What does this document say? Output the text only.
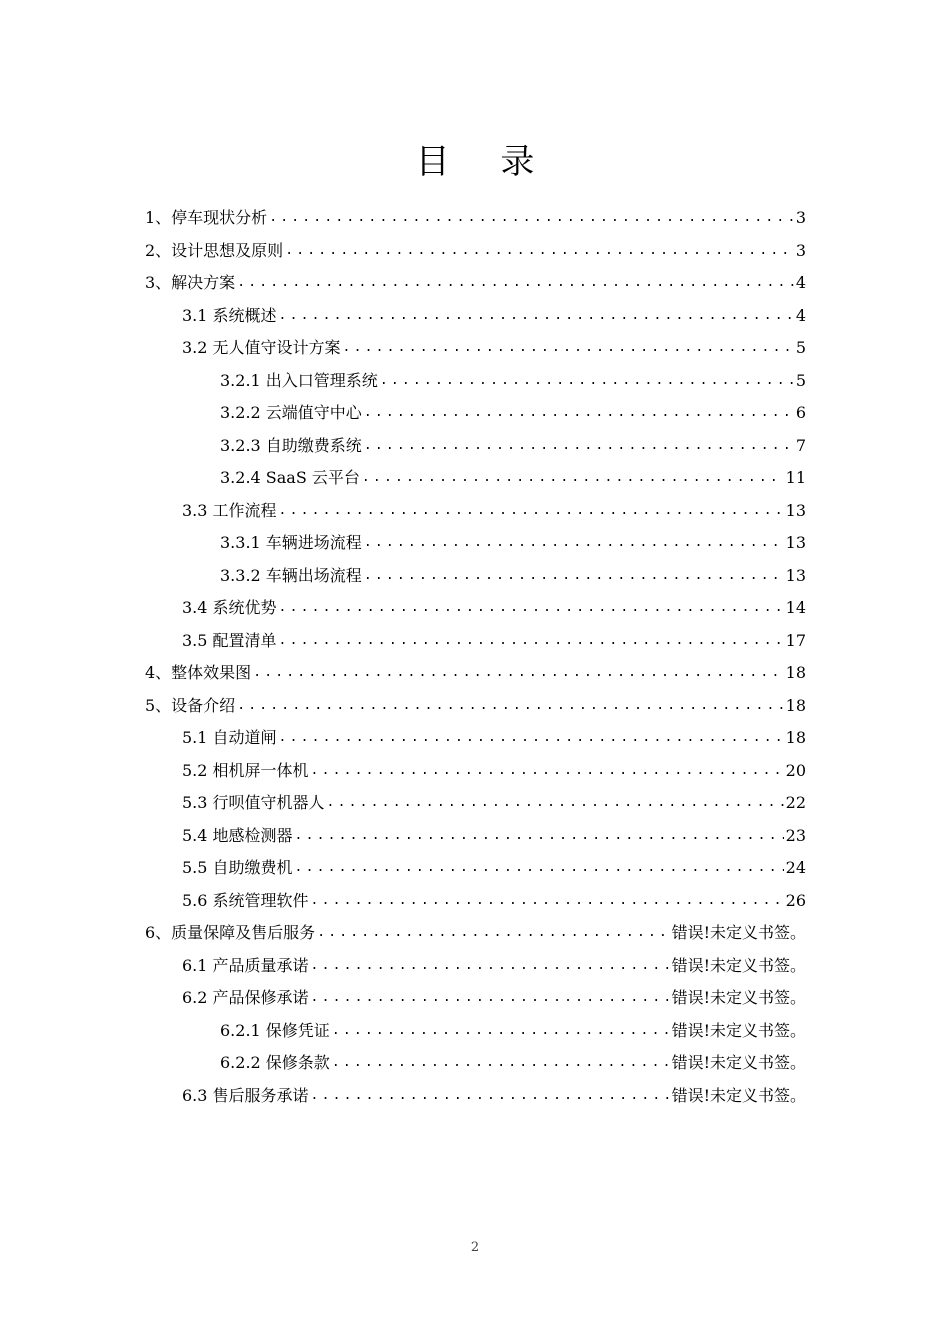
目 录
1、停车现状分析 .....	3
2、设计思想及原则 .....	3
3、解决方案 .....	4
3.1 系统概述 .....	4
3.2 无人值守设计方案 .....	5
3.2.1 出入口管理系统 .....	5
3.2.2 云端值守中心 .....	6
3.2.3 自助缴费系统 .....	7
3.2.4 SaaS 云平台 .....	11
3.3 工作流程 .....	13
3.3.1 车辆进场流程 .....	13
3.3.2 车辆出场流程 .....	13
3.4 系统优势 .....	14
3.5 配置清单 .....	17
4、整体效果图 .....	18
5、设备介绍 .....	18
5.1 自动道闸 .....	18
5.2 相机屏一体机 .....	20
5.3 行呗值守机器人 .....	22
5.4 地感检测器 .....	23
5.5 自助缴费机 .....	24
5.6 系统管理软件 .....	26
6、质量保障及售后服务 .....	错误!未定义书签。
6.1 产品质量承诺 .....	错误!未定义书签。
6.2 产品保修承诺 .....	错误!未定义书签。
6.2.1 保修凭证 .....	错误!未定义书签。
6.2.2 保修条款 .....	错误!未定义书签。
6.3 售后服务承诺 .....	错误!未定义书签。
2
